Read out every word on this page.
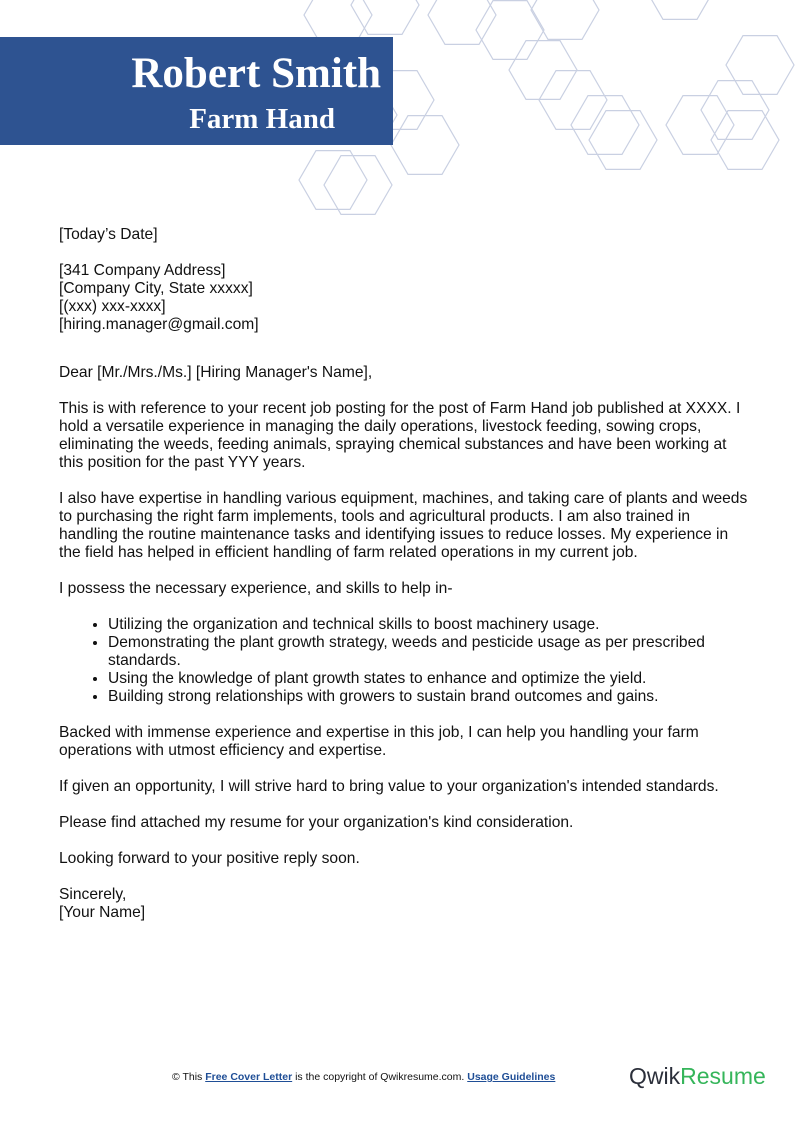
Robert Smith
Farm Hand

[Today’s Date]

[341 Company Address]
[Company City, State xxxxx]
[(xxx) xxx-xxxx]
[hiring.manager@gmail.com]

Dear [Mr./Mrs./Ms.] [Hiring Manager's Name],

This is with reference to your recent job posting for the post of Farm Hand job published at XXXX. I hold a versatile experience in managing the daily operations, livestock feeding, sowing crops, eliminating the weeds, feeding animals, spraying chemical substances and have been working at this position for the past YYY years.

I also have expertise in handling various equipment, machines, and taking care of plants and weeds to purchasing the right farm implements, tools and agricultural products. I am also trained in handling the routine maintenance tasks and identifying issues to reduce losses. My experience in the field has helped in efficient handling of farm related operations in my current job.

I possess the necessary experience, and skills to help in-

• Utilizing the organization and technical skills to boost machinery usage.
• Demonstrating the plant growth strategy, weeds and pesticide usage as per prescribed standards.
• Using the knowledge of plant growth states to enhance and optimize the yield.
• Building strong relationships with growers to sustain brand outcomes and gains.

Backed with immense experience and expertise in this job, I can help you handling your farm operations with utmost efficiency and expertise.

If given an opportunity, I will strive hard to bring value to your organization's intended standards.

Please find attached my resume for your organization's kind consideration.

Looking forward to your positive reply soon.

Sincerely,
[Your Name]

© This Free Cover Letter is the copyright of Qwikresume.com. Usage Guidelines	QwikResume
